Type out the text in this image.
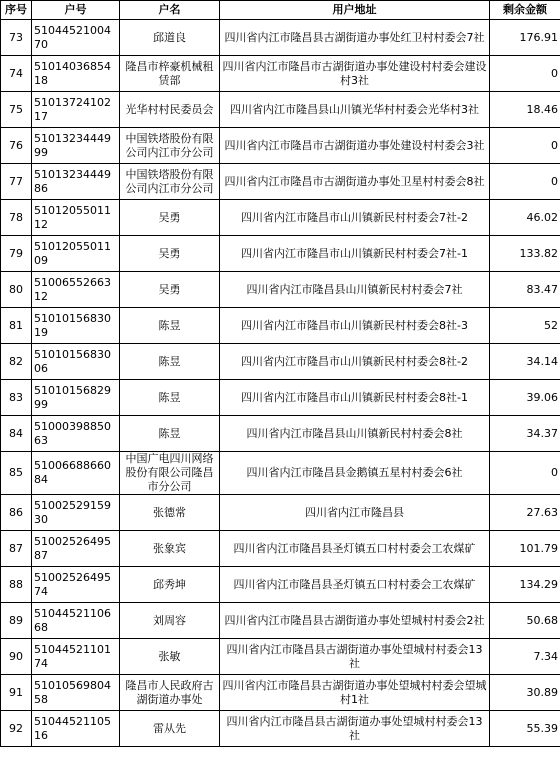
序号	户号	户名	用户地址	剩余金额
73	5104452100470	邱道良	四川省内江市隆昌县古湖街道办事处红卫村村委会7社	176.91
74	5101403685418	隆昌市梓豪机械租赁部	四川省内江市隆昌市古湖街道办事处建设村村委会建设村3社	0
75	5101372410217	光华村村民委员会	四川省内江市隆昌县山川镇光华村村委会光华村3社	18.46
76	5101323444999	中国铁塔股份有限公司内江市分公司	四川省内江市隆昌市古湖街道办事处建设村村委会3社	0
77	5101323444986	中国铁塔股份有限公司内江市分公司	四川省内江市隆昌市古湖街道办事处卫星村村委会8社	0
78	5101205501112	吴勇	四川省内江市隆昌市山川镇新民村村委会7社-2	46.02
79	5101205501109	吴勇	四川省内江市隆昌市山川镇新民村村委会7社-1	133.82
80	5100655266312	吴勇	四川省内江市隆昌县山川镇新民村村委会7社	83.47
81	5101015683019	陈昱	四川省内江市隆昌市山川镇新民村村委会8社-3	52
82	5101015683006	陈昱	四川省内江市隆昌市山川镇新民村村委会8社-2	34.14
83	5101015682999	陈昱	四川省内江市隆昌市山川镇新民村村委会8社-1	39.06
84	5100039885063	陈昱	四川省内江市隆昌县山川镇新民村村委会8社	34.37
85	5100668866084	中国广电四川网络股份有限公司隆昌市分公司	四川省内江市隆昌县金鹅镇五星村村委会6社	0
86	5100252915930	张德常	四川省内江市隆昌县	27.63
87	5100252649587	张象宾	四川省内江市隆昌县圣灯镇五口村村委会工农煤矿	101.79
88	5100252649574	邱秀坤	四川省内江市隆昌县圣灯镇五口村村委会工农煤矿	134.29
89	5104452110668	刘周容	四川省内江市隆昌县古湖街道办事处望城村村委会2社	50.68
90	5104452110174	张敏	四川省内江市隆昌县古湖街道办事处望城村村委会13社	7.34
91	5101056980458	隆昌市人民政府古湖街道办事处	四川省内江市隆昌县古湖街道办事处望城村村委会望城村1社	30.89
92	5104452110516	雷从先	四川省内江市隆昌县古湖街道办事处望城村村委会13社	55.39
